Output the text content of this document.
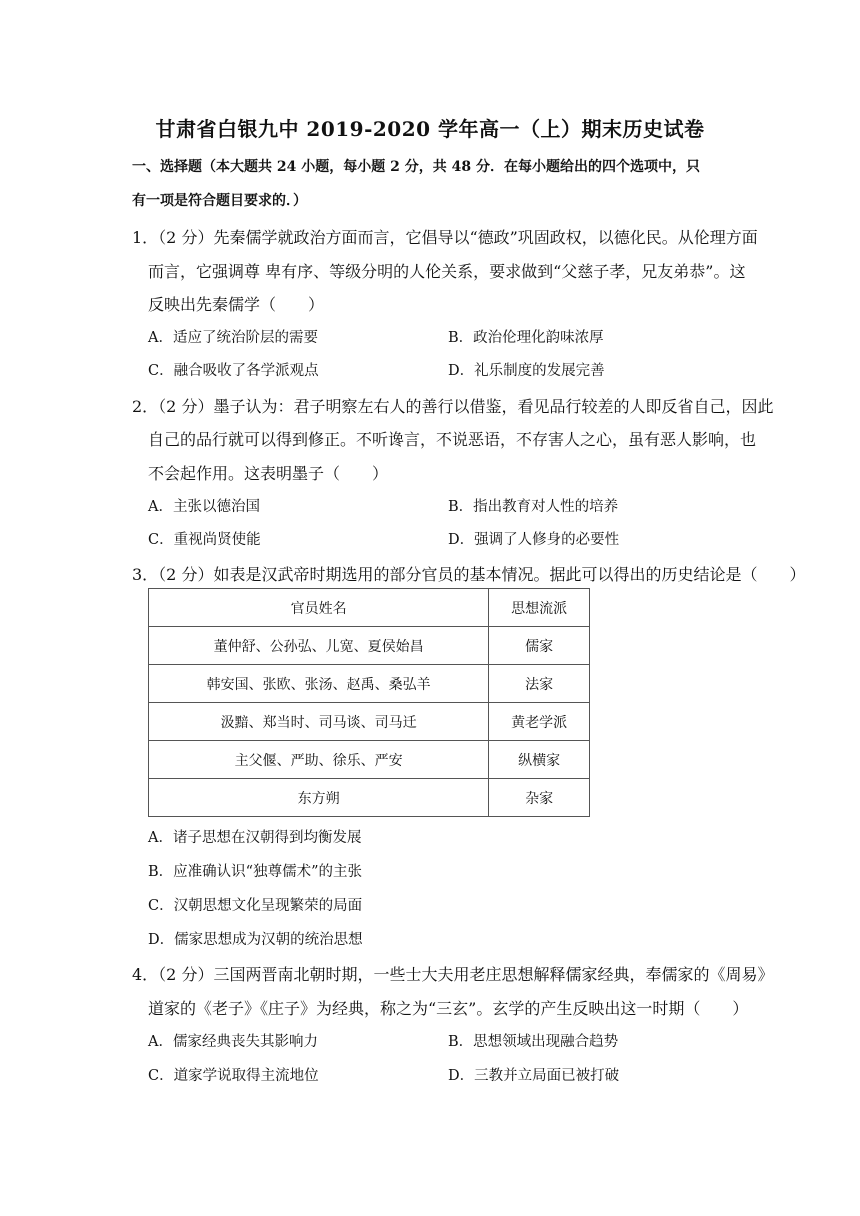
甘肃省白银九中 2019-2020 学年高一（上）期末历史试卷
一、选择题（本大题共 24 小题，每小题 2 分，共 48 分．在每小题给出的四个选项中，只
有一项是符合题目要求的．）
1．（2 分）先秦儒学就政治方面而言，它倡导以“德政”巩固政权，以德化民。从伦理方面
而言，它强调尊 卑有序、等级分明的人伦关系，要求做到“父慈子孝，兄友弟恭”。这
反映出先秦儒学（　　）
A．适应了统治阶层的需要	B．政治伦理化韵味浓厚
C．融合吸收了各学派观点	D．礼乐制度的发展完善
2．（2 分）墨子认为：君子明察左右人的善行以借鉴，看见品行较差的人即反省自己，因此
自己的品行就可以得到修正。不听谗言，不说恶语，不存害人之心，虽有恶人影响，也
不会起作用。这表明墨子（　　）
A．主张以德治国	B．指出教育对人性的培养
C．重视尚贤使能	D．强调了人修身的必要性
3．（2 分）如表是汉武帝时期选用的部分官员的基本情况。据此可以得出的历史结论是（　　）
官员姓名	思想流派
董仲舒、公孙弘、儿宽、夏侯始昌	儒家
韩安国、张欧、张汤、赵禹、桑弘羊	法家
汲黯、郑当时、司马谈、司马迁	黄老学派
主父偃、严助、徐乐、严安	纵横家
东方朔	杂家
A．诸子思想在汉朝得到均衡发展
B．应准确认识“独尊儒术”的主张
C．汉朝思想文化呈现繁荣的局面
D．儒家思想成为汉朝的统治思想
4．（2 分）三国两晋南北朝时期，一些士大夫用老庄思想解释儒家经典，奉儒家的《周易》
道家的《老子》《庄子》为经典，称之为“三玄”。玄学的产生反映出这一时期（　　）
A．儒家经典丧失其影响力	B．思想领域出现融合趋势
C．道家学说取得主流地位	D．三教并立局面已被打破
